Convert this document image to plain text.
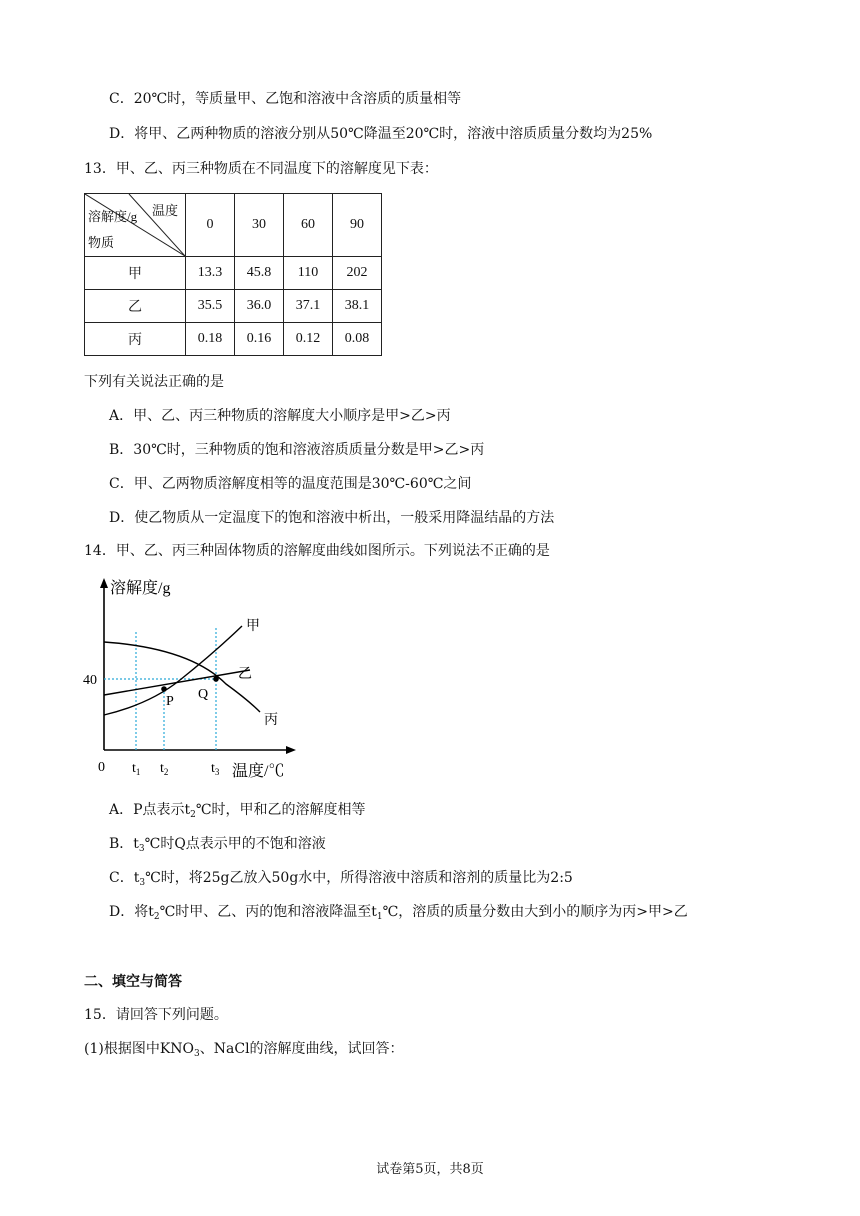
C．20℃时，等质量甲、乙饱和溶液中含溶质的质量相等
D．将甲、乙两种物质的溶液分别从50℃降温至20℃时，溶液中溶质质量分数均为25%
13．甲、乙、丙三种物质在不同温度下的溶解度见下表：
温度
溶解度/g
物质	0	30	60	90
甲	13.3	45.8	110	202
乙	35.5	36.0	37.1	38.1
丙	0.18	0.16	0.12	0.08
下列有关说法正确的是
A．甲、乙、丙三种物质的溶解度大小顺序是甲>乙>丙
B．30℃时，三种物质的饱和溶液溶质质量分数是甲>乙>丙
C．甲、乙两物质溶解度相等的温度范围是30℃-60℃之间
D．使乙物质从一定温度下的饱和溶液中析出，一般采用降温结晶的方法
14．甲、乙、丙三种固体物质的溶解度曲线如图所示。下列说法不正确的是
溶解度/g
40
0 $t_1$ $t_2$	$t_3$ 温度/℃
甲
乙
丙
P Q
A．P点表示$t_2℃$时，甲和乙的溶解度相等
B．$t_3℃$时Q点表示甲的不饱和溶液
C．$t_3℃$时，将25g乙放入50g水中，所得溶液中溶质和溶剂的质量比为2:5
D．将$t_2℃$时甲、乙、丙的饱和溶液降温至$t_1℃$，溶质的质量分数由大到小的顺序为丙>甲>乙
二、填空与简答
15．请回答下列问题。
(1)根据图中$KNO_3$、NaCl的溶解度曲线，试回答：
试卷第5页，共8页
